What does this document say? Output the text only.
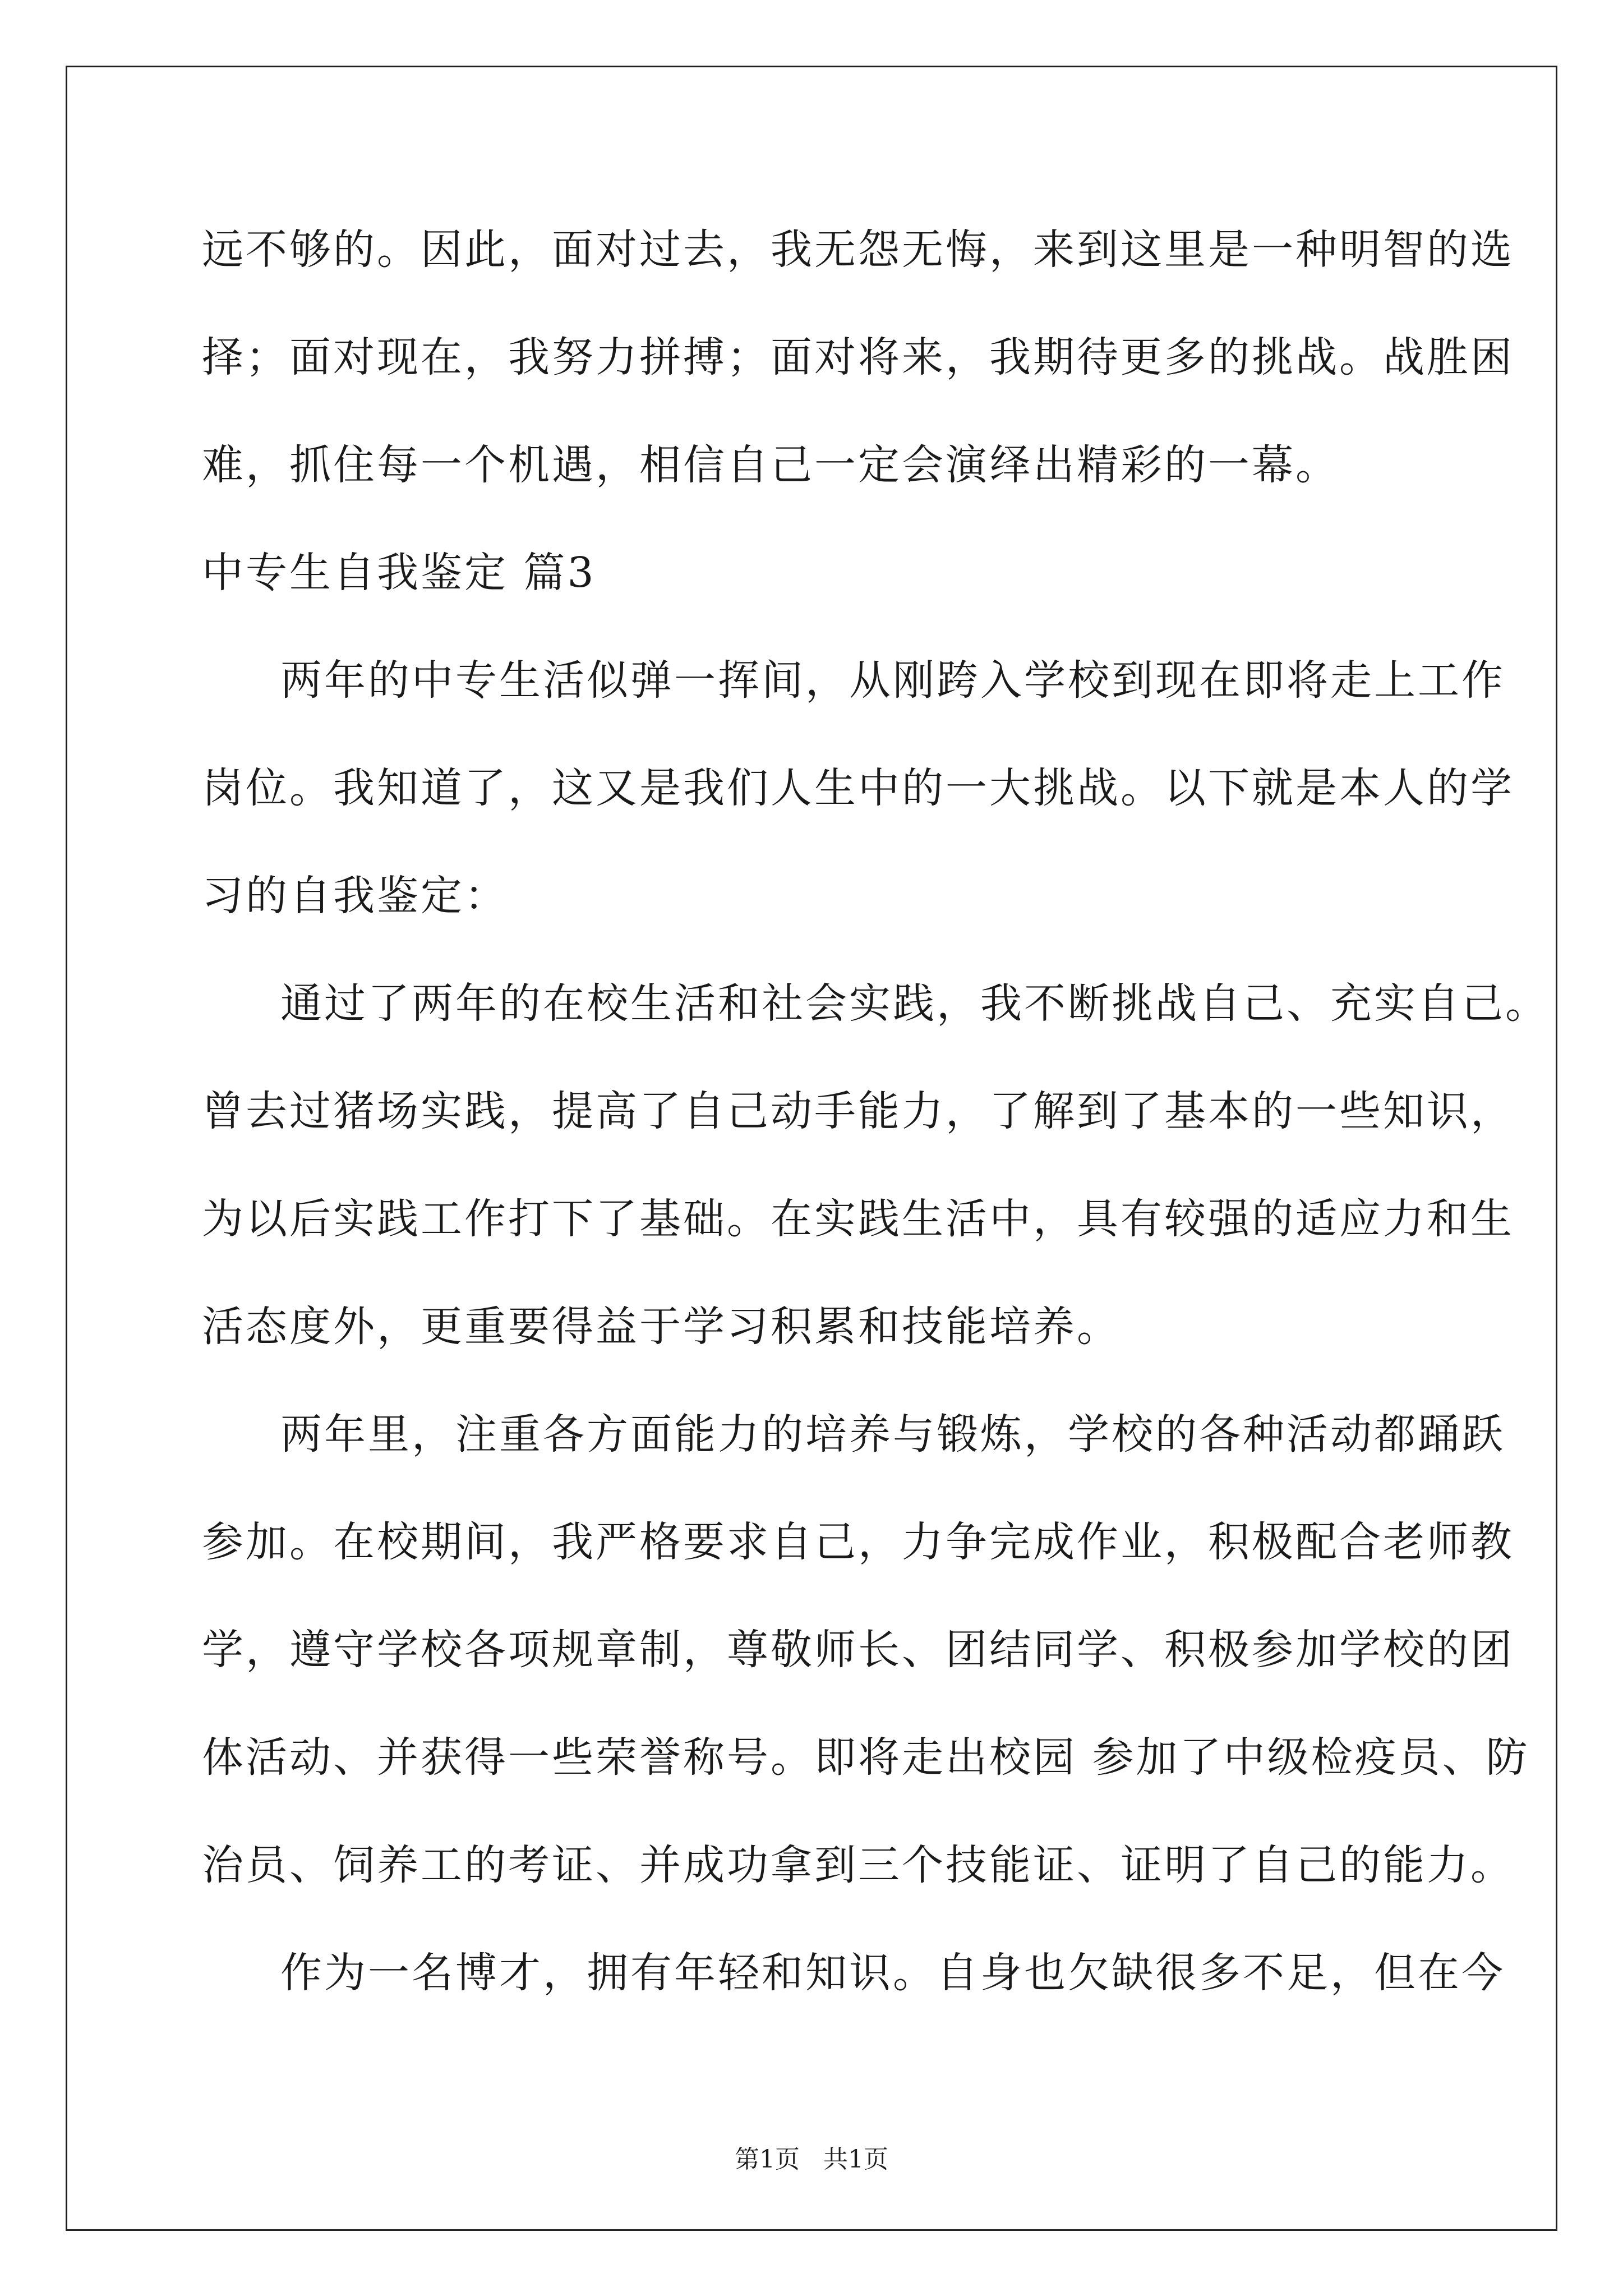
远不够的。因此，面对过去，我无怨无悔，来到这里是一种明智的选

择；面对现在，我努力拼搏；面对将来，我期待更多的挑战。战胜困

难，抓住每一个机遇，相信自己一定会演绎出精彩的一幕。

中专生自我鉴定 篇3

两年的中专生活似弹一挥间，从刚跨入学校到现在即将走上工作

岗位。我知道了，这又是我们人生中的一大挑战。以下就是本人的学

习的自我鉴定：

通过了两年的在校生活和社会实践，我不断挑战自己、充实自己。

曾去过猪场实践，提高了自己动手能力，了解到了基本的一些知识，

为以后实践工作打下了基础。在实践生活中，具有较强的适应力和生

活态度外，更重要得益于学习积累和技能培养。

两年里，注重各方面能力的培养与锻炼，学校的各种活动都踊跃

参加。在校期间，我严格要求自己，力争完成作业，积极配合老师教

学，遵守学校各项规章制，尊敬师长、团结同学、积极参加学校的团

体活动、并获得一些荣誉称号。即将走出校园 参加了中级检疫员、防

治员、饲养工的考证、并成功拿到三个技能证、证明了自己的能力。

作为一名博才，拥有年轻和知识。自身也欠缺很多不足，但在今

第1页   共1页
